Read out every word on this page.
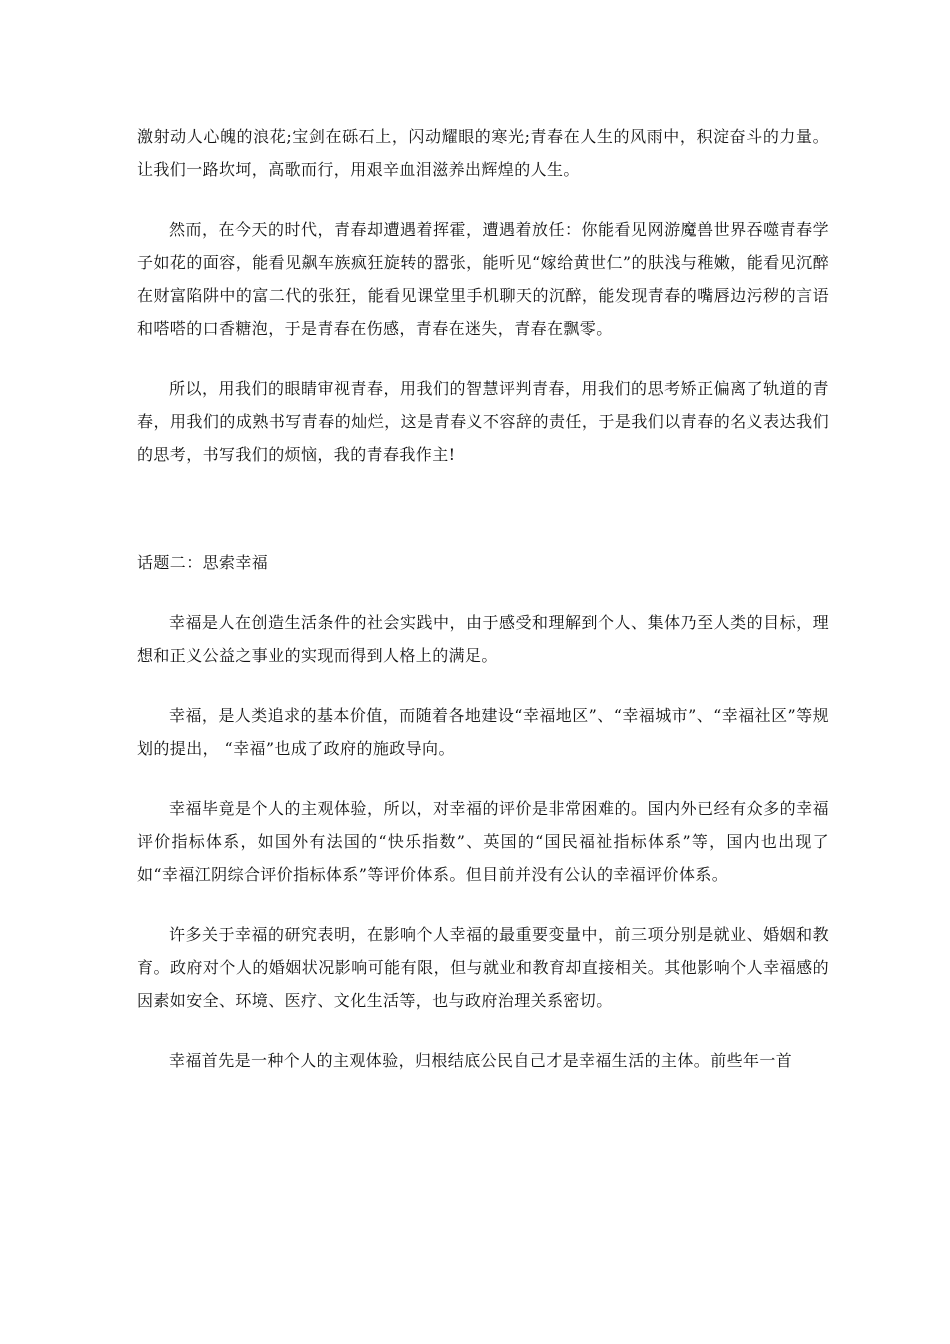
激射动人心魄的浪花;宝剑在砾石上，闪动耀眼的寒光;青春在人生的风雨中，积淀奋斗的力量。让我们一路坎坷，高歌而行，用艰辛血泪滋养出辉煌的人生。

然而，在今天的时代，青春却遭遇着挥霍，遭遇着放任：你能看见网游魔兽世界吞噬青春学子如花的面容，能看见飙车族疯狂旋转的嚣张，能听见“嫁给黄世仁”的肤浅与稚嫩，能看见沉醉在财富陷阱中的富二代的张狂，能看见课堂里手机聊天的沉醉，能发现青春的嘴唇边污秽的言语和嗒嗒的口香糖泡，于是青春在伤感，青春在迷失，青春在飘零。

所以，用我们的眼睛审视青春，用我们的智慧评判青春，用我们的思考矫正偏离了轨道的青春，用我们的成熟书写青春的灿烂，这是青春义不容辞的责任，于是我们以青春的名义表达我们的思考，书写我们的烦恼，我的青春我作主!

话题二：思索幸福

幸福是人在创造生活条件的社会实践中，由于感受和理解到个人、集体乃至人类的目标，理想和正义公益之事业的实现而得到人格上的满足。

幸福，是人类追求的基本价值，而随着各地建设“幸福地区”、“幸福城市”、“幸福社区”等规划的提出， “幸福”也成了政府的施政导向。

幸福毕竟是个人的主观体验，所以，对幸福的评价是非常困难的。国内外已经有众多的幸福评价指标体系，如国外有法国的“快乐指数”、英国的“国民福祉指标体系”等，国内也出现了如“幸福江阴综合评价指标体系”等评价体系。但目前并没有公认的幸福评价体系。

许多关于幸福的研究表明，在影响个人幸福的最重要变量中，前三项分别是就业、婚姻和教育。政府对个人的婚姻状况影响可能有限，但与就业和教育却直接相关。其他影响个人幸福感的因素如安全、环境、医疗、文化生活等，也与政府治理关系密切。

幸福首先是一种个人的主观体验，归根结底公民自己才是幸福生活的主体。前些年一首
